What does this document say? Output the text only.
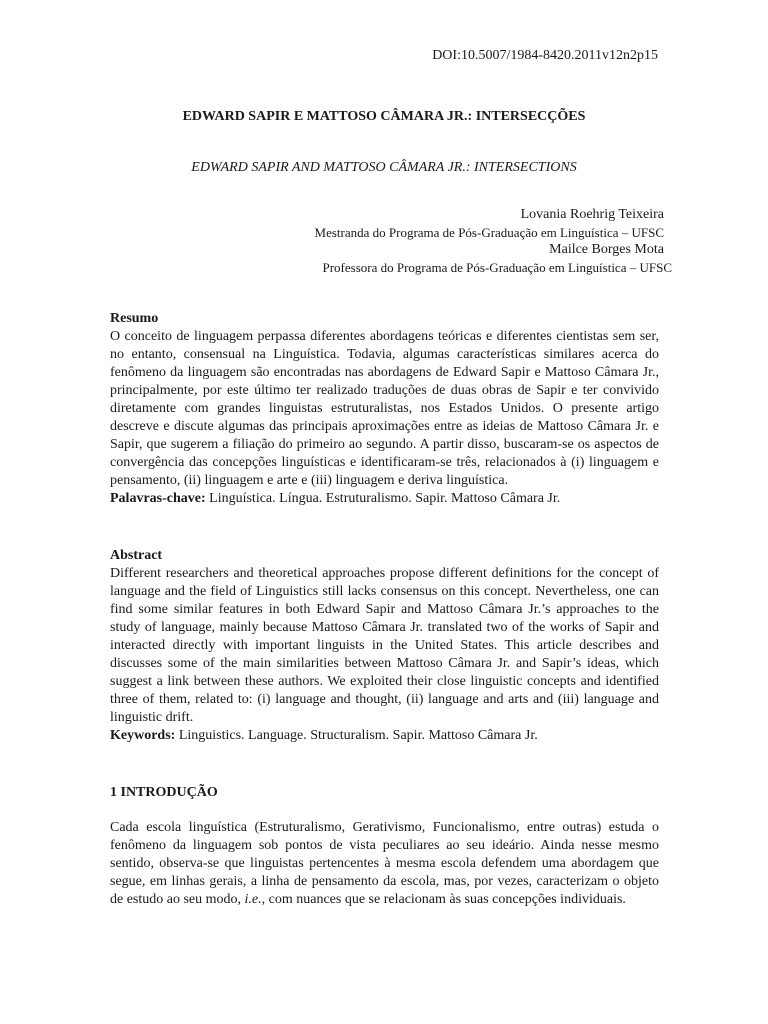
DOI:10.5007/1984-8420.2011v12n2p15

EDWARD SAPIR E MATTOSO CÂMARA JR.: INTERSECÇÕES

EDWARD SAPIR AND MATTOSO CÂMARA JR.: INTERSECTIONS

Lovania Roehrig Teixeira
Mestranda do Programa de Pós-Graduação em Linguística – UFSC
Mailce Borges Mota
Professora do Programa de Pós-Graduação em Linguística – UFSC
Resumo

O conceito de linguagem perpassa diferentes abordagens teóricas e diferentes cientistas sem ser, no entanto, consensual na Linguística. Todavia, algumas características similares acerca do fenômeno da linguagem são encontradas nas abordagens de Edward Sapir e Mattoso Câmara Jr., principalmente, por este último ter realizado traduções de duas obras de Sapir e ter convivido diretamente com grandes linguistas estruturalistas, nos Estados Unidos. O presente artigo descreve e discute algumas das principais aproximações entre as ideias de Mattoso Câmara Jr. e Sapir, que sugerem a filiação do primeiro ao segundo. A partir disso, buscaram-se os aspectos de convergência das concepções linguísticas e identificaram-se três, relacionados à (i) linguagem e pensamento, (ii) linguagem e arte e (iii) linguagem e deriva linguística.

Palavras-chave: Linguística. Língua. Estruturalismo. Sapir. Mattoso Câmara Jr.

Abstract

Different researchers and theoretical approaches propose different definitions for the concept of language and the field of Linguistics still lacks consensus on this concept. Nevertheless, one can find some similar features in both Edward Sapir and Mattoso Câmara Jr.’s approaches to the study of language, mainly because Mattoso Câmara Jr. translated two of the works of Sapir and interacted directly with important linguists in the United States. This article describes and discusses some of the main similarities between Mattoso Câmara Jr. and Sapir’s ideas, which suggest a link between these authors. We exploited their close linguistic concepts and identified three of them, related to: (i) language and thought, (ii) language and arts and (iii) language and linguistic drift.

Keywords: Linguistics. Language. Structuralism. Sapir. Mattoso Câmara Jr.

1 INTRODUÇÃO

Cada escola linguística (Estruturalismo, Gerativismo, Funcionalismo, entre outras) estuda o fenômeno da linguagem sob pontos de vista peculiares ao seu ideário. Ainda nesse mesmo sentido, observa-se que linguistas pertencentes à mesma escola defendem uma abordagem que segue, em linhas gerais, a linha de pensamento da escola, mas, por vezes, caracterizam o objeto de estudo ao seu modo, i.e., com nuances que se relacionam às suas concepções individuais.
